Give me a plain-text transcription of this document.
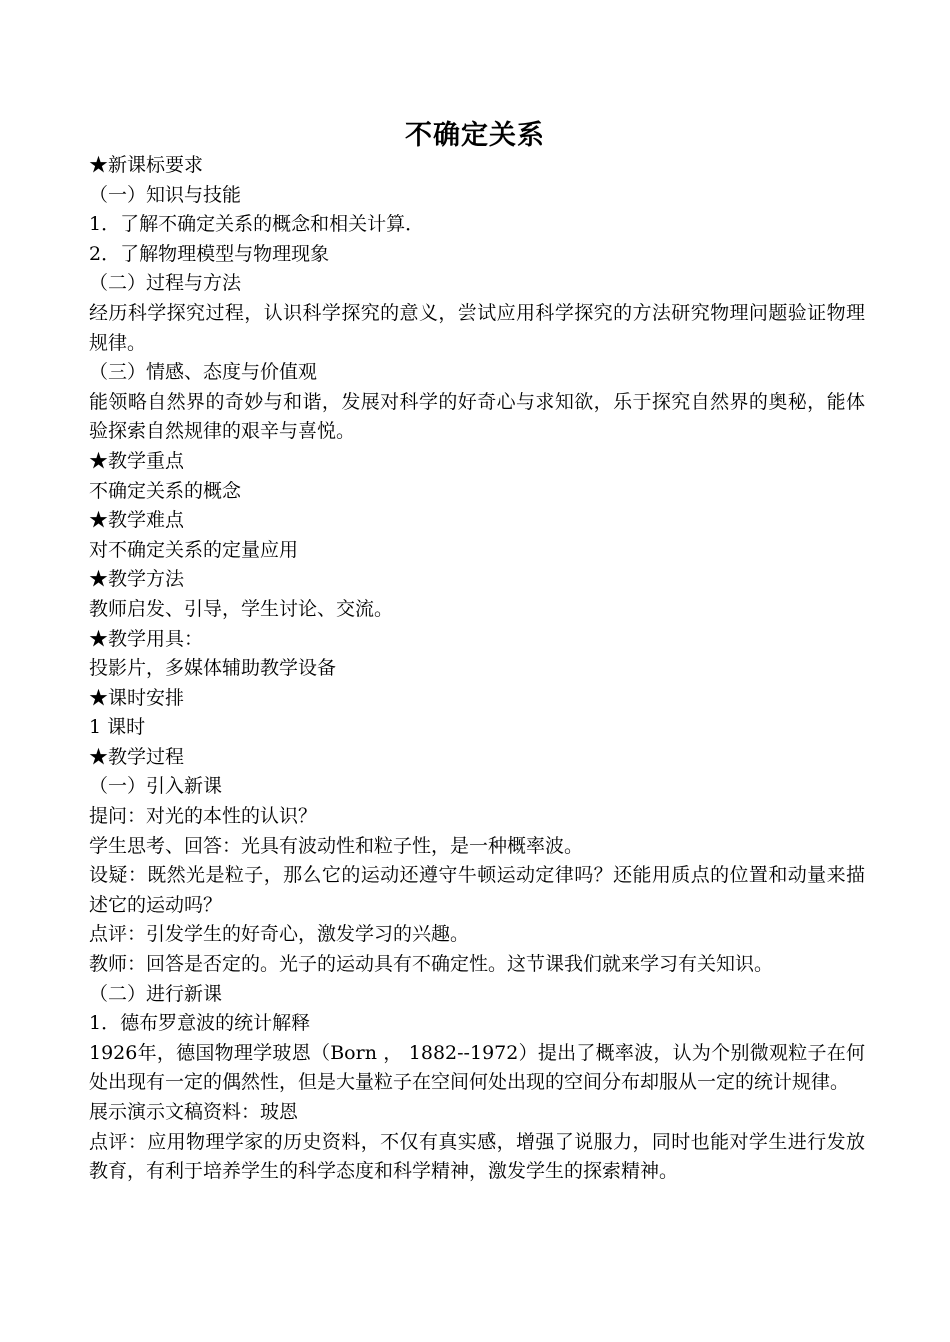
不确定关系
★新课标要求
（一）知识与技能
1．了解不确定关系的概念和相关计算．
2．了解物理模型与物理现象
（二）过程与方法
经历科学探究过程，认识科学探究的意义，尝试应用科学探究的方法研究物理问题验证物理规律。
（三）情感、态度与价值观
能领略自然界的奇妙与和谐，发展对科学的好奇心与求知欲，乐于探究自然界的奥秘，能体验探索自然规律的艰辛与喜悦。
★教学重点
不确定关系的概念
★教学难点
对不确定关系的定量应用
★教学方法
教师启发、引导，学生讨论、交流。
★教学用具：
投影片，多媒体辅助教学设备
★课时安排
1 课时
★教学过程
（一）引入新课
提问：对光的本性的认识？
学生思考、回答：光具有波动性和粒子性，是一种概率波。
设疑：既然光是粒子，那么它的运动还遵守牛顿运动定律吗？还能用质点的位置和动量来描述它的运动吗？
点评：引发学生的好奇心，激发学习的兴趣。
教师：回答是否定的。光子的运动具有不确定性。这节课我们就来学习有关知识。
（二）进行新课
1．德布罗意波的统计解释
1926年，德国物理学玻恩（Born ， 1882--1972）提出了概率波，认为个别微观粒子在何处出现有一定的偶然性，但是大量粒子在空间何处出现的空间分布却服从一定的统计规律。
展示演示文稿资料：玻恩
点评：应用物理学家的历史资料，不仅有真实感，增强了说服力，同时也能对学生进行发放教育，有利于培养学生的科学态度和科学精神，激发学生的探索精神。
